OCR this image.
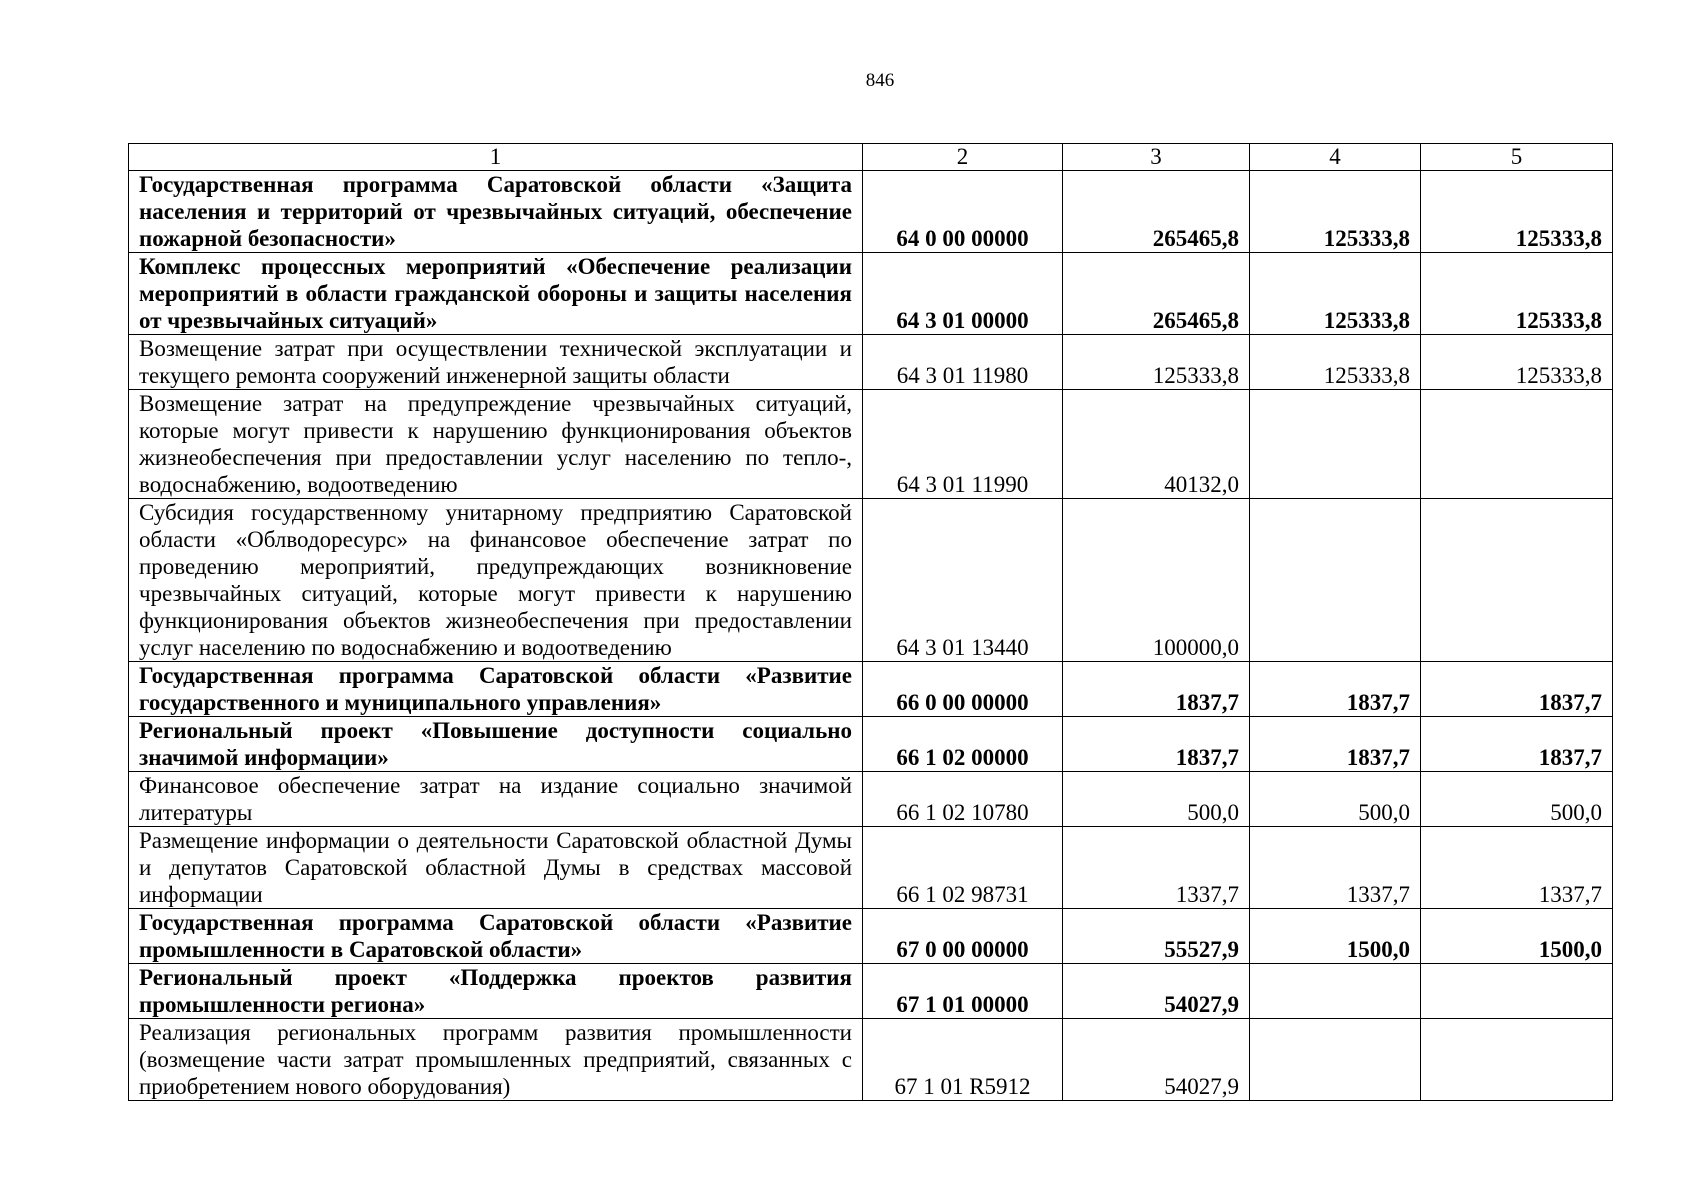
846
1	2	3	4	5
Государственная программа Саратовской области «Защита населения и территорий от чрезвычайных ситуаций, обеспечение пожарной безопасности»	64 0 00 00000	265465,8	125333,8	125333,8
Комплекс процессных мероприятий «Обеспечение реализации мероприятий в области гражданской обороны и защиты населения от чрезвычайных ситуаций»	64 3 01 00000	265465,8	125333,8	125333,8
Возмещение затрат при осуществлении технической эксплуатации и текущего ремонта сооружений инженерной защиты области	64 3 01 11980	125333,8	125333,8	125333,8
Возмещение затрат на предупреждение чрезвычайных ситуаций, которые могут привести к нарушению функционирования объектов жизнеобеспечения при предоставлении услуг населению по тепло-, водоснабжению, водоотведению	64 3 01 11990	40132,0		
Субсидия государственному унитарному предприятию Саратовской области «Облводоресурс» на финансовое обеспечение затрат по проведению мероприятий, предупреждающих возникновение чрезвычайных ситуаций, которые могут привести к нарушению функционирования объектов жизнеобеспечения при предоставлении услуг населению по водоснабжению и водоотведению	64 3 01 13440	100000,0		
Государственная программа Саратовской области «Развитие государственного и муниципального управления»	66 0 00 00000	1837,7	1837,7	1837,7
Региональный проект «Повышение доступности социально значимой информации»	66 1 02 00000	1837,7	1837,7	1837,7
Финансовое обеспечение затрат на издание социально значимой литературы	66 1 02 10780	500,0	500,0	500,0
Размещение информации о деятельности Саратовской областной Думы и депутатов Саратовской областной Думы в средствах массовой информации	66 1 02 98731	1337,7	1337,7	1337,7
Государственная программа Саратовской области «Развитие промышленности в Саратовской области»	67 0 00 00000	55527,9	1500,0	1500,0
Региональный проект «Поддержка проектов развития промышленности региона»	67 1 01 00000	54027,9		
Реализация региональных программ развития промышленности (возмещение части затрат промышленных предприятий, связанных с приобретением нового оборудования)	67 1 01 R5912	54027,9		
